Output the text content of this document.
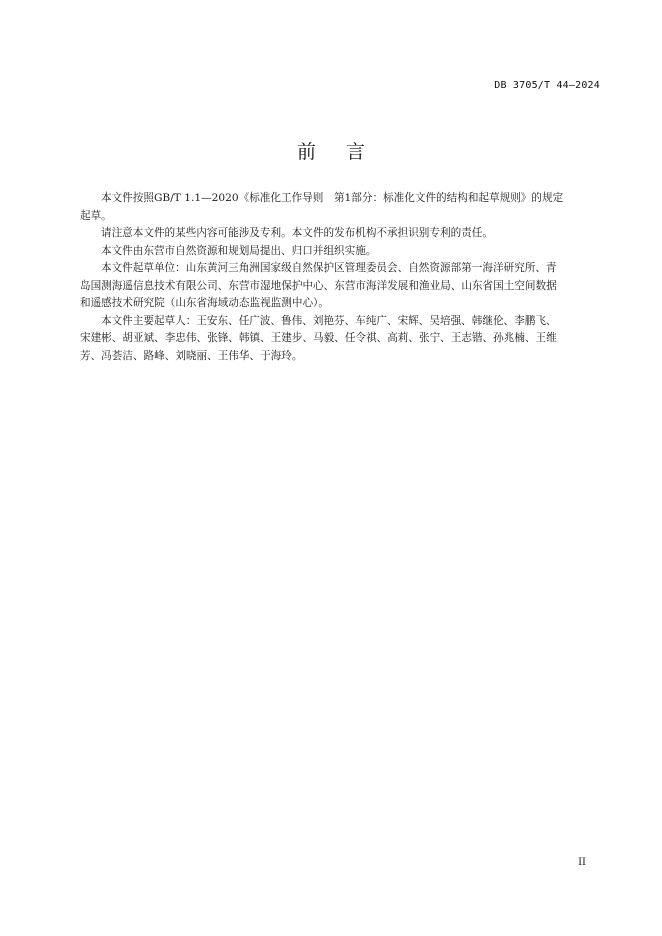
DB 3705/T 44—2024
前言

本文件按照GB/T 1.1—2020《标准化工作导则　第1部分：标准化文件的结构和起草规则》的规定
起草。

请注意本文件的某些内容可能涉及专利。本文件的发布机构不承担识别专利的责任。

本文件由东营市自然资源和规划局提出、归口并组织实施。

本文件起草单位：山东黄河三角洲国家级自然保护区管理委员会、自然资源部第一海洋研究所、青
岛国测海遥信息技术有限公司、东营市湿地保护中心、东营市海洋发展和渔业局、山东省国土空间数据
和遥感技术研究院（山东省海域动态监视监测中心）。

本文件主要起草人：王安东、任广波、鲁伟、刘艳芬、车纯广、宋辉、吴培强、韩继伦、李鹏飞、
宋建彬、胡亚斌、李忠伟、张锋、韩镇、王建步、马毅、任令祺、高莉、张宁、王志锴、孙兆楠、王维
芳、冯荟洁、路峰、刘晓丽、王伟华、于海玲。

II
